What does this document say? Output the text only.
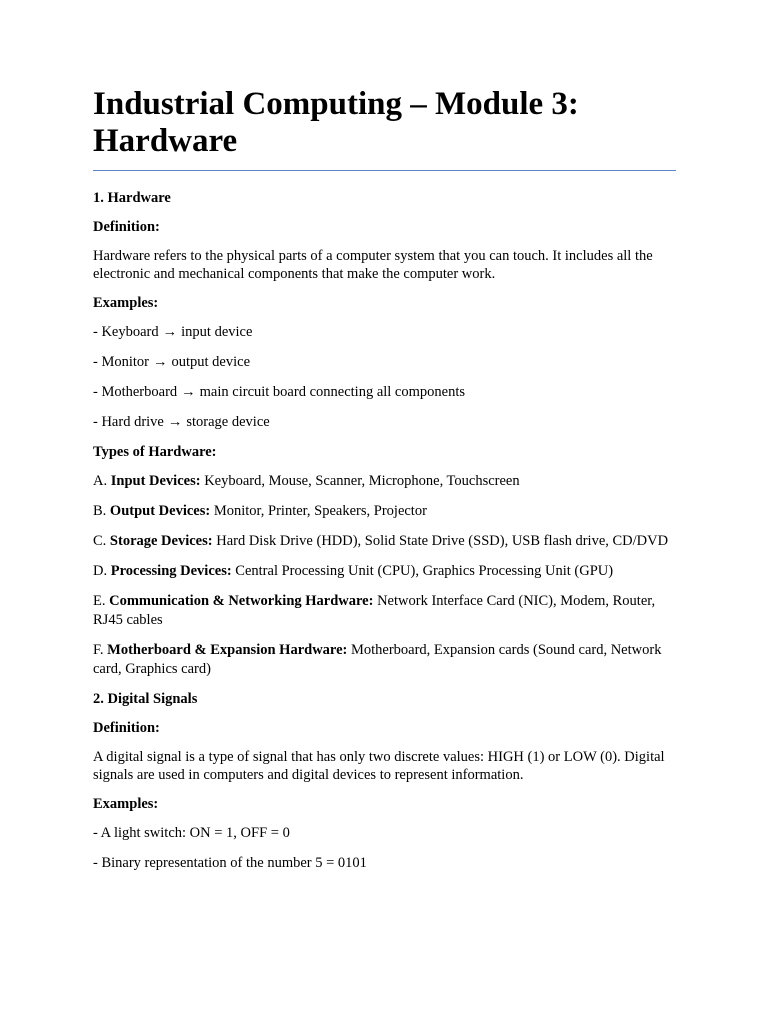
Industrial Computing – Module 3: Hardware
1. Hardware
Definition:
Hardware refers to the physical parts of a computer system that you can touch. It includes all the electronic and mechanical components that make the computer work.
Examples:
- Keyboard → input device
- Monitor → output device
- Motherboard → main circuit board connecting all components
- Hard drive → storage device
Types of Hardware:
A. Input Devices: Keyboard, Mouse, Scanner, Microphone, Touchscreen
B. Output Devices: Monitor, Printer, Speakers, Projector
C. Storage Devices: Hard Disk Drive (HDD), Solid State Drive (SSD), USB flash drive, CD/DVD
D. Processing Devices: Central Processing Unit (CPU), Graphics Processing Unit (GPU)
E. Communication & Networking Hardware: Network Interface Card (NIC), Modem, Router, RJ45 cables
F. Motherboard & Expansion Hardware: Motherboard, Expansion cards (Sound card, Network card, Graphics card)
2. Digital Signals
Definition:
A digital signal is a type of signal that has only two discrete values: HIGH (1) or LOW (0). Digital signals are used in computers and digital devices to represent information.
Examples:
- A light switch: ON = 1, OFF = 0
- Binary representation of the number 5 = 0101
